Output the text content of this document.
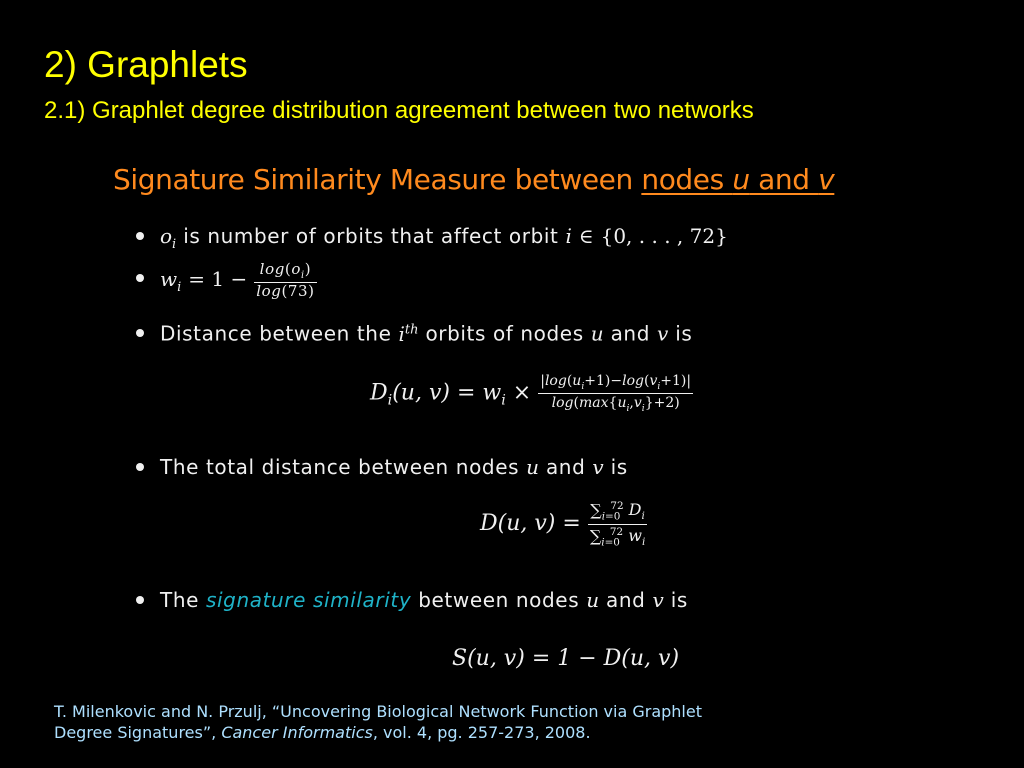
2) Graphlets
2.1) Graphlet degree distribution agreement between two networks
Signature Similarity Measure between nodes u and v
$o_i$ is number of orbits that affect orbit i ∈ {0, . . . , 72}
$w_i = 1 - \frac{\log(o_i)}{\log(73)}$
Distance between the $i^{th}$ orbits of nodes u and v is
$D_i(u$, $v) = w_i \times \frac{|\log(u_i+1)-\log(v_i+1)|}{\log(\max\{u_i,v_i\}+2)}$
The total distance between nodes u and v is
D(u, $v) = \frac{\sum_{i=0}^{72} D_i}{\sum_{i=0}^{72} w_i}$
The signature similarity between nodes u and v is
S(u, v) = 1 − D(u, v)
T. Milenkovic and N. Przulj, “Uncovering Biological Network Function via Graphlet
Degree Signatures”, Cancer Informatics, vol. 4, pg. 257-273, 2008.
